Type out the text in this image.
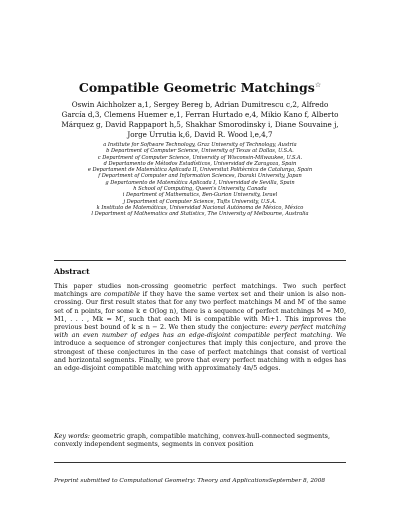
Compatible Geometric Matchings☆
Oswin Aichholzer a,1, Sergey Bereg b, Adrian Dumitrescu c,2, Alfredo García d,3, Clemens Huemer e,1, Ferran Hurtado e,4, Mikio Kano f, Alberto Márquez g, David Rappaport h,5, Shakhar Smorodinsky i, Diane Souvaine j, Jorge Urrutia k,6, David R. Wood l,e,4,7
a Institute for Software Technology, Graz University of Technology, Austria
b Department of Computer Science, University of Texas at Dallas, U.S.A.
c Department of Computer Science, University of Wisconsin-Milwaukee, U.S.A.
d Departamento de Métodos Estadísticos, Universidad de Zaragoza, Spain
e Departament de Matemàtica Aplicada II, Universitat Politècnica de Catalunya, Spain
f Department of Computer and Information Sciences, Ibaraki University, Japan
g Departamento de Matemática Aplicada I, Universidad de Sevilla, Spain
h School of Computing, Queen's University, Canada
i Department of Mathematics, Ben-Gurion University, Israel
j Department of Computer Science, Tufts University, U.S.A.
k Instituto de Matemáticas, Universidad Nacional Autónoma de México, México
l Department of Mathematics and Statistics, The University of Melbourne, Australia
Abstract
This paper studies non-crossing geometric perfect matchings. Two such perfect matchings are compatible if they have the same vertex set and their union is also non-crossing. Our first result states that for any two perfect matchings M and M′ of the same set of n points, for some k ∈ O(log n), there is a sequence of perfect matchings M = M0, M1, . . . , Mk = M′, such that each Mi is compatible with Mi+1. This improves the previous best bound of k ≤ n − 2. We then study the conjecture: every perfect matching with an even number of edges has an edge-disjoint compatible perfect matching. We introduce a sequence of stronger conjectures that imply this conjecture, and prove the strongest of these conjectures in the case of perfect matchings that consist of vertical and horizontal segments. Finally, we prove that every perfect matching with n edges has an edge-disjoint compatible matching with approximately 4n/5 edges.
Key words: geometric graph, compatible matching, convex-hull-connected segments, convexly independent segments, segments in convex position
Preprint submitted to Computational Geometry: Theory and ApplicationsSeptember 8, 2008
